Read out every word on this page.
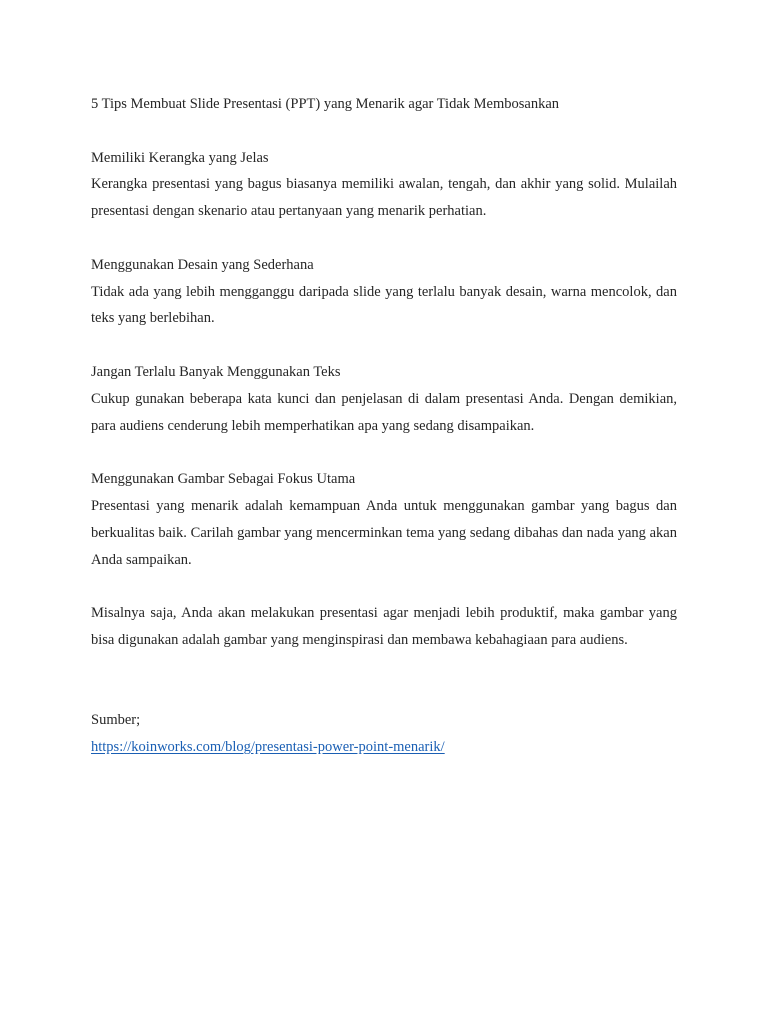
5 Tips Membuat Slide Presentasi (PPT) yang Menarik agar Tidak Membosankan

Memiliki Kerangka yang Jelas

Kerangka presentasi yang bagus biasanya memiliki awalan, tengah, dan akhir yang solid. Mulailah presentasi dengan skenario atau pertanyaan yang menarik perhatian.

Menggunakan Desain yang Sederhana

Tidak ada yang lebih mengganggu daripada slide yang terlalu banyak desain, warna mencolok, dan teks yang berlebihan.

Jangan Terlalu Banyak Menggunakan Teks

Cukup gunakan beberapa kata kunci dan penjelasan di dalam presentasi Anda. Dengan demikian, para audiens cenderung lebih memperhatikan apa yang sedang disampaikan.

Menggunakan Gambar Sebagai Fokus Utama

Presentasi yang menarik adalah kemampuan Anda untuk menggunakan gambar yang bagus dan berkualitas baik. Carilah gambar yang mencerminkan tema yang sedang dibahas dan nada yang akan Anda sampaikan.

Misalnya saja, Anda akan melakukan presentasi agar menjadi lebih produktif, maka gambar yang bisa digunakan adalah gambar yang menginspirasi dan membawa kebahagiaan para audiens.

Sumber;

https://koinworks.com/blog/presentasi-power-point-menarik/
